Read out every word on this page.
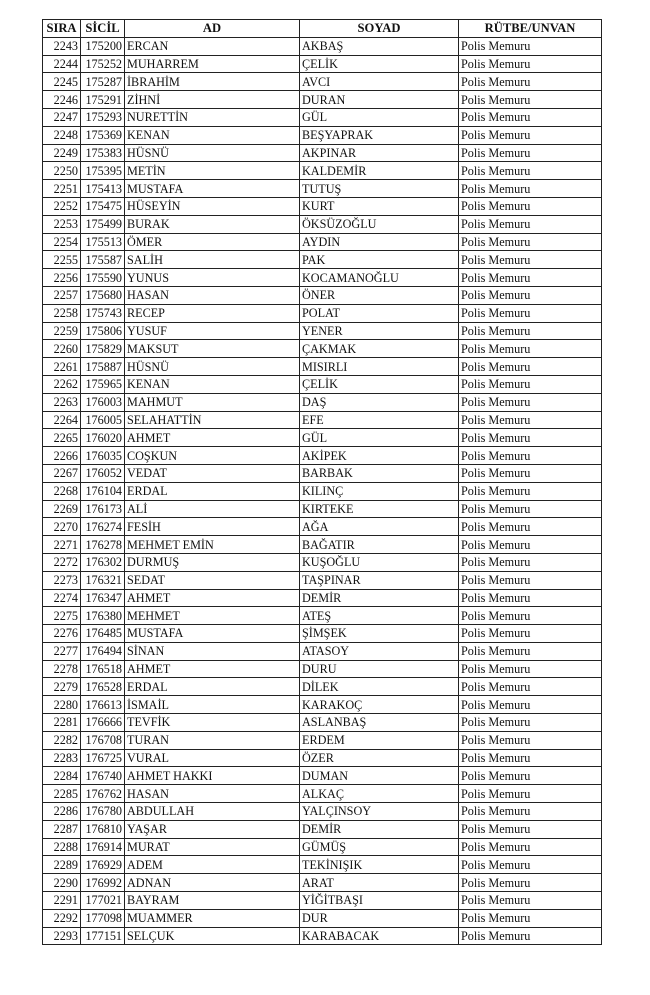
SIRA	SİCİL	AD	SOYAD	RÜTBE/UNVAN
2243	175200	ERCAN	AKBAŞ	Polis Memuru
2244	175252	MUHARREM	ÇELİK	Polis Memuru
2245	175287	İBRAHİM	AVCI	Polis Memuru
2246	175291	ZİHNİ	DURAN	Polis Memuru
2247	175293	NURETTİN	GÜL	Polis Memuru
2248	175369	KENAN	BEŞYAPRAK	Polis Memuru
2249	175383	HÜSNÜ	AKPINAR	Polis Memuru
2250	175395	METİN	KALDEMİR	Polis Memuru
2251	175413	MUSTAFA	TUTUŞ	Polis Memuru
2252	175475	HÜSEYİN	KURT	Polis Memuru
2253	175499	BURAK	ÖKSÜZOĞLU	Polis Memuru
2254	175513	ÖMER	AYDIN	Polis Memuru
2255	175587	SALİH	PAK	Polis Memuru
2256	175590	YUNUS	KOCAMANOĞLU	Polis Memuru
2257	175680	HASAN	ÖNER	Polis Memuru
2258	175743	RECEP	POLAT	Polis Memuru
2259	175806	YUSUF	YENER	Polis Memuru
2260	175829	MAKSUT	ÇAKMAK	Polis Memuru
2261	175887	HÜSNÜ	MISIRLI	Polis Memuru
2262	175965	KENAN	ÇELİK	Polis Memuru
2263	176003	MAHMUT	DAŞ	Polis Memuru
2264	176005	SELAHATTİN	EFE	Polis Memuru
2265	176020	AHMET	GÜL	Polis Memuru
2266	176035	COŞKUN	AKİPEK	Polis Memuru
2267	176052	VEDAT	BARBAK	Polis Memuru
2268	176104	ERDAL	KILINÇ	Polis Memuru
2269	176173	ALİ	KIRTEKE	Polis Memuru
2270	176274	FESİH	AĞA	Polis Memuru
2271	176278	MEHMET EMİN	BAĞATIR	Polis Memuru
2272	176302	DURMUŞ	KUŞOĞLU	Polis Memuru
2273	176321	SEDAT	TAŞPINAR	Polis Memuru
2274	176347	AHMET	DEMİR	Polis Memuru
2275	176380	MEHMET	ATEŞ	Polis Memuru
2276	176485	MUSTAFA	ŞİMŞEK	Polis Memuru
2277	176494	SİNAN	ATASOY	Polis Memuru
2278	176518	AHMET	DURU	Polis Memuru
2279	176528	ERDAL	DİLEK	Polis Memuru
2280	176613	İSMAİL	KARAKOÇ	Polis Memuru
2281	176666	TEVFİK	ASLANBAŞ	Polis Memuru
2282	176708	TURAN	ERDEM	Polis Memuru
2283	176725	VURAL	ÖZER	Polis Memuru
2284	176740	AHMET HAKKI	DUMAN	Polis Memuru
2285	176762	HASAN	ALKAÇ	Polis Memuru
2286	176780	ABDULLAH	YALÇINSOY	Polis Memuru
2287	176810	YAŞAR	DEMİR	Polis Memuru
2288	176914	MURAT	GÜMÜŞ	Polis Memuru
2289	176929	ADEM	TEKİNIŞIK	Polis Memuru
2290	176992	ADNAN	ARAT	Polis Memuru
2291	177021	BAYRAM	YİĞİTBAŞI	Polis Memuru
2292	177098	MUAMMER	DUR	Polis Memuru
2293	177151	SELÇUK	KARABACAK	Polis Memuru
